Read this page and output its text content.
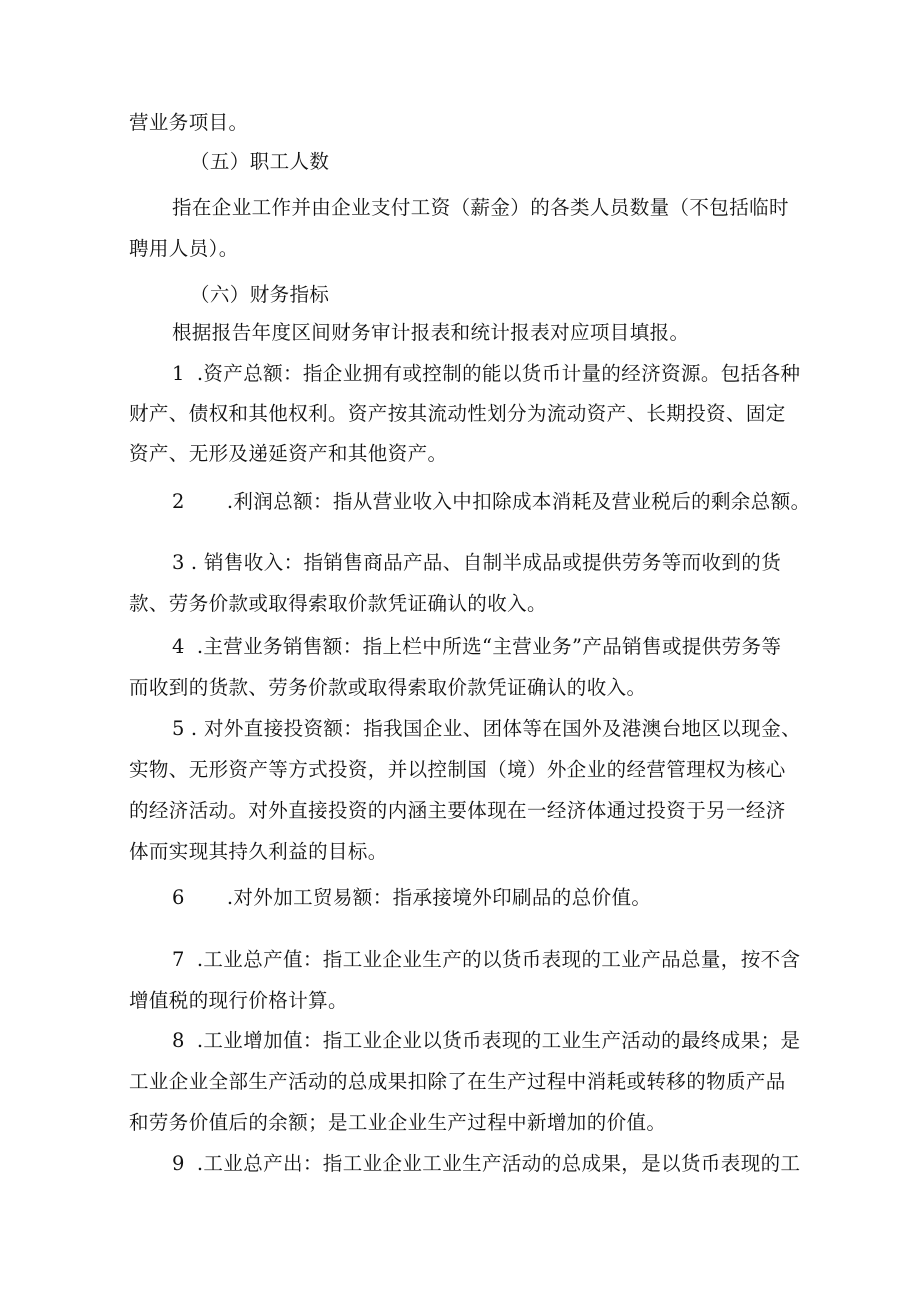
营业务项目。
（五）职工人数
指在企业工作并由企业支付工资（薪金）的各类人员数量（不包括临时
聘用人员）。
（六）财务指标
根据报告年度区间财务审计报表和统计报表对应项目填报。
1 .资产总额：指企业拥有或控制的能以货币计量的经济资源。包括各种
财产、债权和其他权利。资产按其流动性划分为流动资产、长期投资、固定
资产、无形及递延资产和其他资产。
2 .利润总额：指从营业收入中扣除成本消耗及营业税后的剩余总额。
3 . 销售收入：指销售商品产品、自制半成品或提供劳务等而收到的货
款、劳务价款或取得索取价款凭证确认的收入。
4 .主营业务销售额：指上栏中所选“主营业务”产品销售或提供劳务等
而收到的货款、劳务价款或取得索取价款凭证确认的收入。
5 . 对外直接投资额：指我国企业、团体等在国外及港澳台地区以现金、
实物、无形资产等方式投资，并以控制国（境）外企业的经营管理权为核心
的经济活动。对外直接投资的内涵主要体现在一经济体通过投资于另一经济
体而实现其持久利益的目标。
6 .对外加工贸易额：指承接境外印刷品的总价值。
7 .工业总产值：指工业企业生产的以货币表现的工业产品总量，按不含
增值税的现行价格计算。
8 .工业增加值：指工业企业以货币表现的工业生产活动的最终成果；是
工业企业全部生产活动的总成果扣除了在生产过程中消耗或转移的物质产品
和劳务价值后的余额；是工业企业生产过程中新增加的价值。
9 .工业总产出：指工业企业工业生产活动的总成果，是以货币表现的工
